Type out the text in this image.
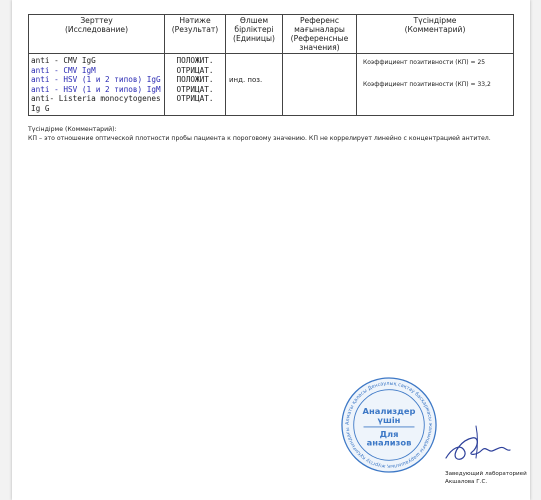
Зерттеу
(Исследование)	Нәтиже
(Результат)	Өлшем
бірліктері
(Единицы)	Референс
мағыналары
(Референсные
значения)	Түсіндірме
(Комментарий)

anti - CMV IgG
anti - CMV IgM
anti - HSV (1 и 2 типов) IgG
anti - HSV (1 и 2 типов) IgM
anti- Listeria monocytogenes Ig G	ПОЛОЖИТ.
ОТРИЦАТ.
ПОЛОЖИТ.
ОТРИЦАТ.
ОТРИЦАТ.	инд. поз.		Коэффициент позитивности (КП) = 25
Коэффициент позитивности (КП) = 33,2
Түсіндірме (Комментарий):
КП – это отношение оптической плотности пробы пациента к пороговому значению. КП не коррелирует линейно с концентрацией антител.
Алматы қаласы Денсаулық сақтау басқармасы жанындағы шаруашылық жүргізу құқығындағы
Анализдер
үшін
Для
анализов
Заведующий лабораторией
Акшалова Г.С.
